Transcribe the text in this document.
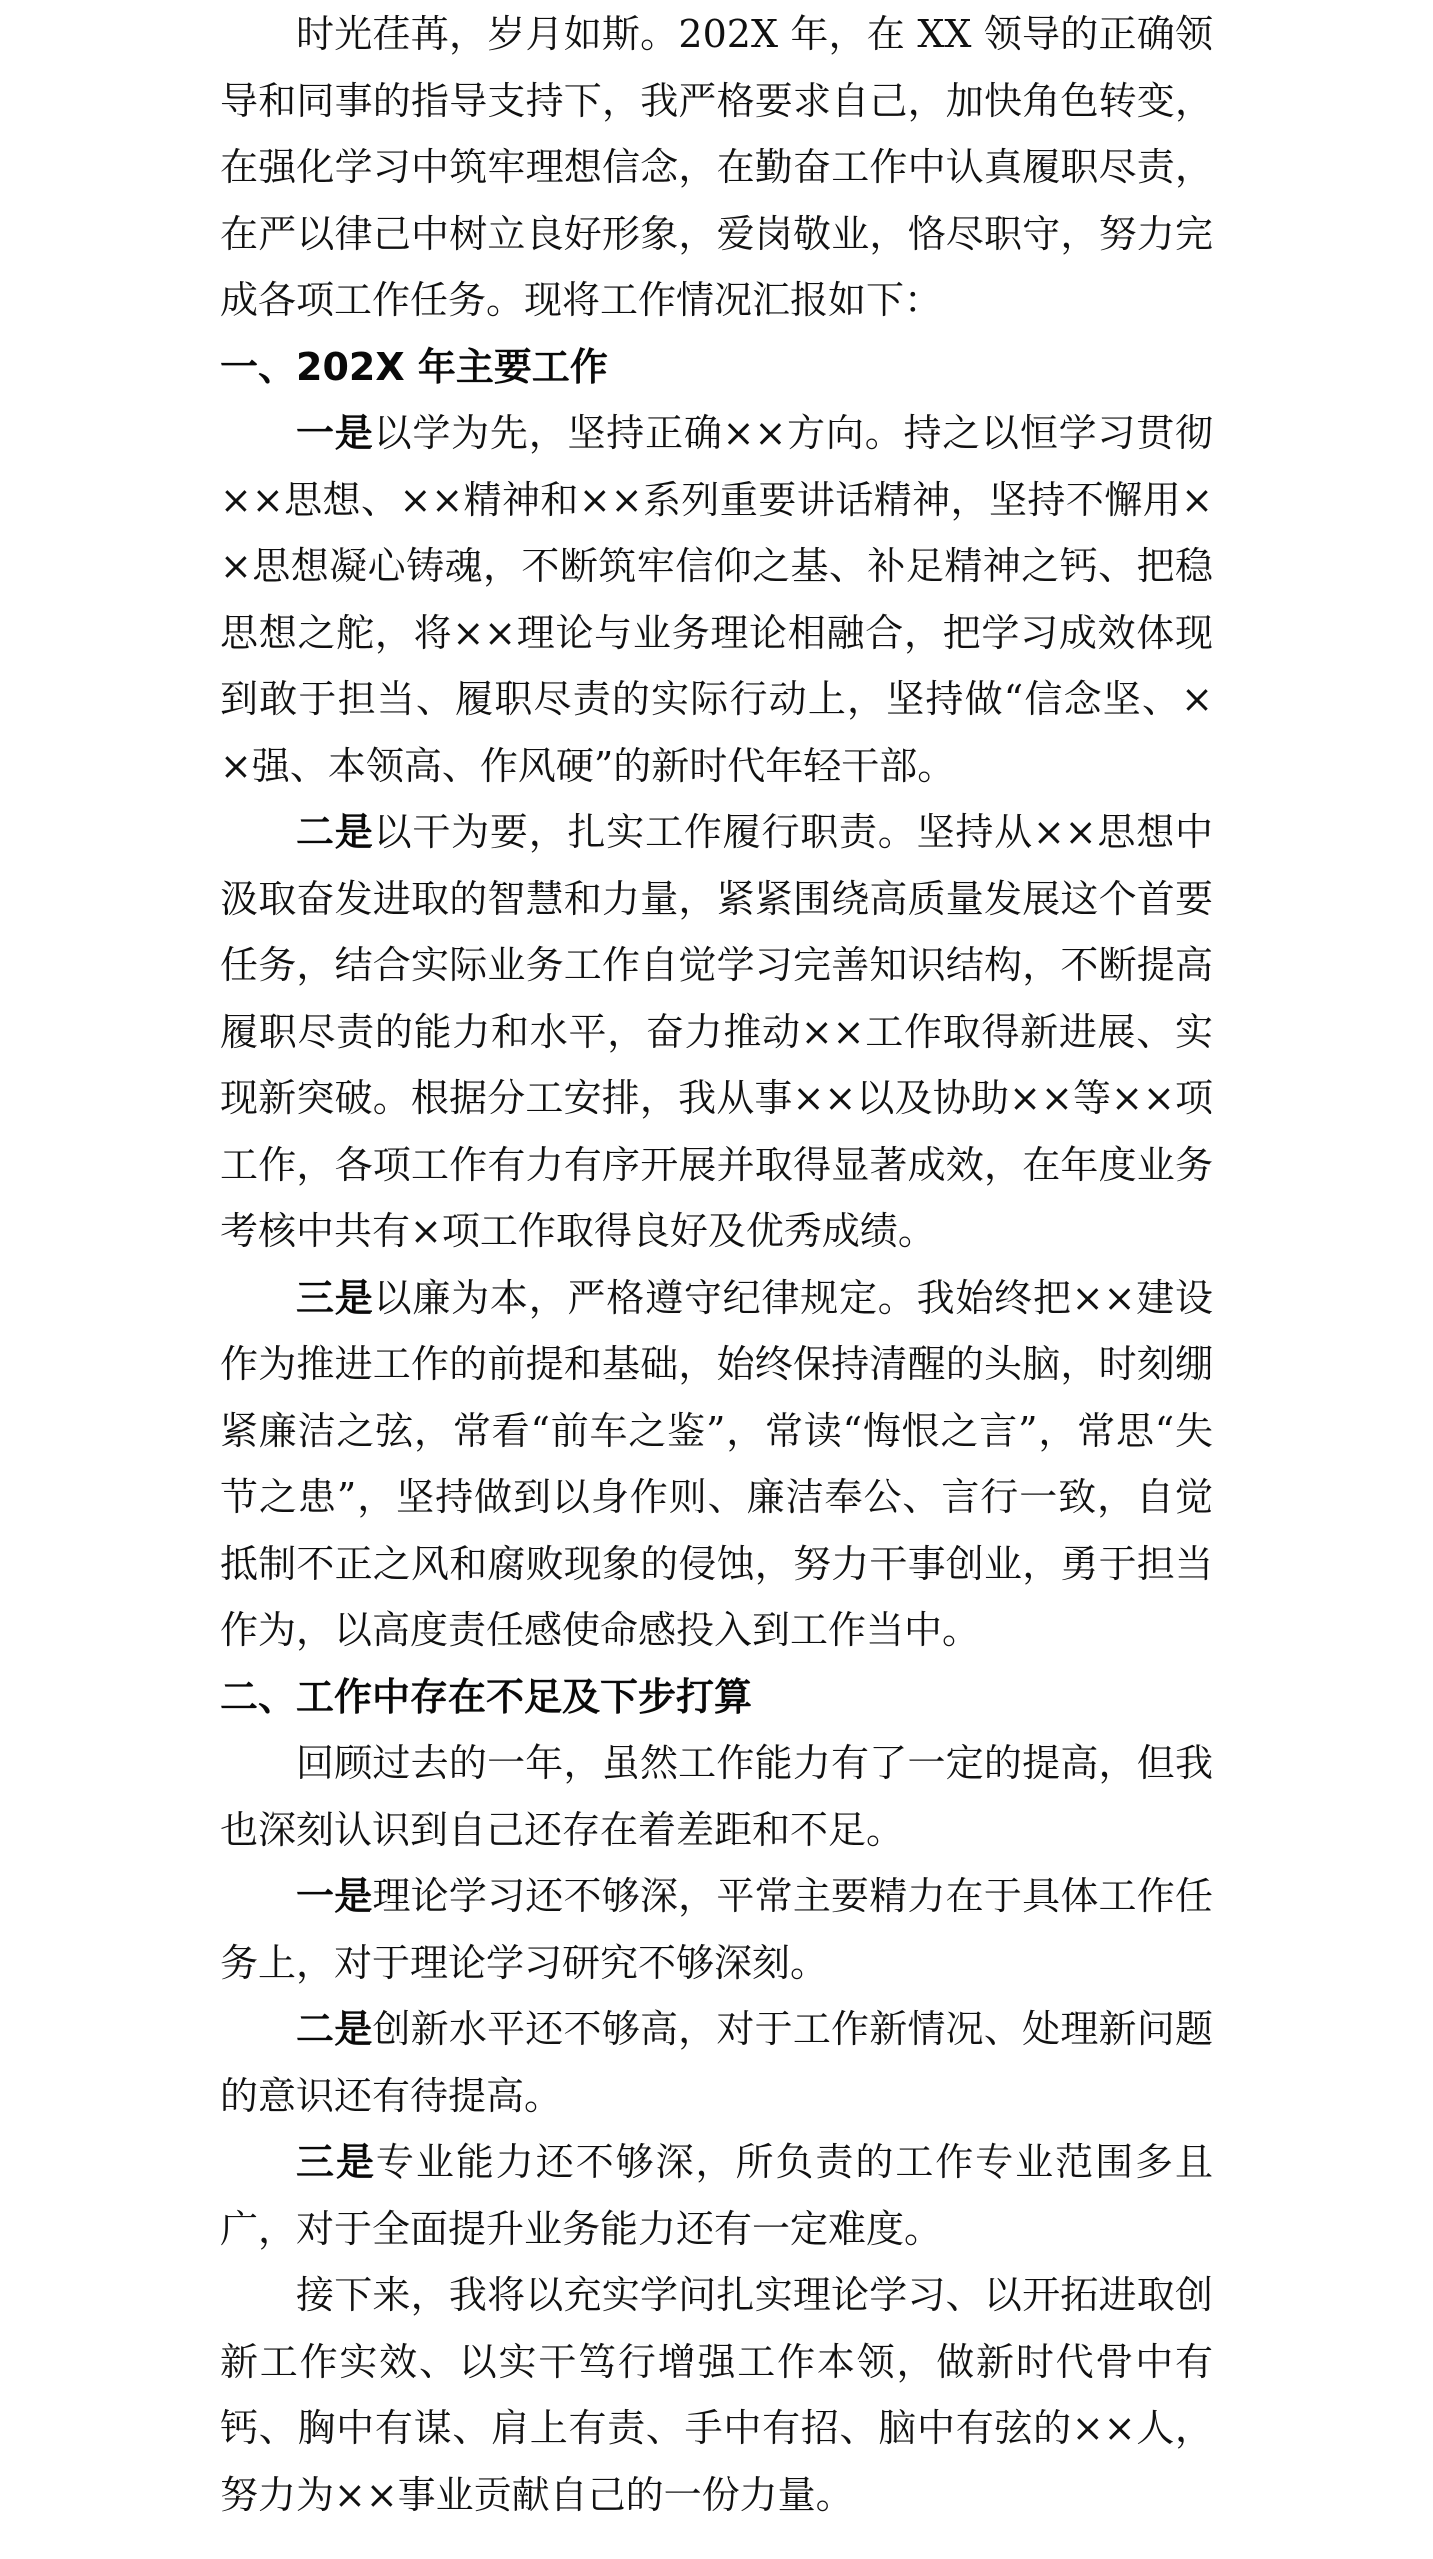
时光荏苒，岁月如斯。202X 年，在 XX 领导的正确领导和同事的指导支持下，我严格要求自己，加快角色转变，在强化学习中筑牢理想信念，在勤奋工作中认真履职尽责，在严以律己中树立良好形象，爱岗敬业，恪尽职守，努力完成各项工作任务。现将工作情况汇报如下：

一、202X 年主要工作

一是以学为先，坚持正确××方向。持之以恒学习贯彻××思想、××精神和××系列重要讲话精神，坚持不懈用××思想凝心铸魂，不断筑牢信仰之基、补足精神之钙、把稳思想之舵，将××理论与业务理论相融合，把学习成效体现到敢于担当、履职尽责的实际行动上，坚持做“信念坚、××强、本领高、作风硬”的新时代年轻干部。

二是以干为要，扎实工作履行职责。坚持从××思想中汲取奋发进取的智慧和力量，紧紧围绕高质量发展这个首要任务，结合实际业务工作自觉学习完善知识结构，不断提高履职尽责的能力和水平，奋力推动××工作取得新进展、实现新突破。根据分工安排，我从事××以及协助××等××项工作，各项工作有力有序开展并取得显著成效，在年度业务考核中共有×项工作取得良好及优秀成绩。

三是以廉为本，严格遵守纪律规定。我始终把××建设作为推进工作的前提和基础，始终保持清醒的头脑，时刻绷紧廉洁之弦，常看“前车之鉴”，常读“悔恨之言”，常思“失节之患”，坚持做到以身作则、廉洁奉公、言行一致，自觉抵制不正之风和腐败现象的侵蚀，努力干事创业，勇于担当作为，以高度责任感使命感投入到工作当中。

二、工作中存在不足及下步打算

回顾过去的一年，虽然工作能力有了一定的提高，但我也深刻认识到自己还存在着差距和不足。

一是理论学习还不够深，平常主要精力在于具体工作任务上，对于理论学习研究不够深刻。

二是创新水平还不够高，对于工作新情况、处理新问题的意识还有待提高。

三是专业能力还不够深，所负责的工作专业范围多且广，对于全面提升业务能力还有一定难度。

接下来，我将以充实学问扎实理论学习、以开拓进取创新工作实效、以实干笃行增强工作本领，做新时代骨中有钙、胸中有谋、肩上有责、手中有招、脑中有弦的××人，努力为××事业贡献自己的一份力量。
